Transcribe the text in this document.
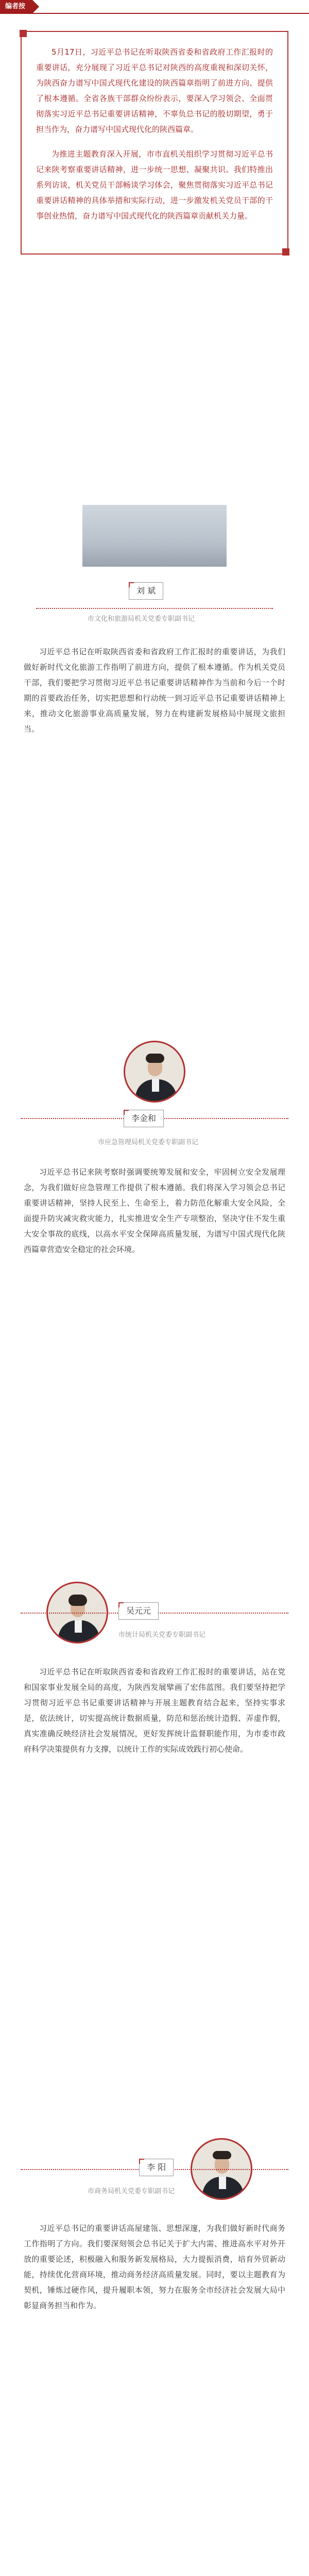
编者按

5月17日，习近平总书记在听取陕西省委和省政府工作汇报时的重要讲话，充分展现了习近平总书记对陕西的高度重视和深切关怀，为陕西奋力谱写中国式现代化建设的陕西篇章指明了前进方向、提供了根本遵循。全省各族干部群众纷纷表示，要深入学习领会、全面贯彻落实习近平总书记重要讲话精神，不辜负总书记的殷切期望，勇于担当作为，奋力谱写中国式现代化的陕西篇章。

为推进主题教育深入开展，市市直机关组织学习贯彻习近平总书记来陕考察重要讲话精神，进一步统一思想、凝聚共识。我们特推出系列访谈，机关党员干部畅谈学习体会，聚焦贯彻落实习近平总书记重要讲话精神的具体举措和实际行动，进一步激发机关党员干部的干事创业热情，奋力谱写中国式现代化的陕西篇章贡献机关力量。

刘 斌
市文化和旅游局机关党委专职副书记

习近平总书记在听取陕西省委和省政府工作汇报时的重要讲话，为我们做好新时代文化旅游工作指明了前进方向，提供了根本遵循。作为机关党员干部，我们要把学习贯彻习近平总书记重要讲话精神作为当前和今后一个时期的首要政治任务，切实把思想和行动统一到习近平总书记重要讲话精神上来，推动文化旅游事业高质量发展，努力在构建新发展格局中展现文旅担当。

李金和
市应急管理局机关党委专职副书记

习近平总书记来陕考察时强调要统筹发展和安全，牢固树立安全发展理念，为我们做好应急管理工作提供了根本遵循。我们将深入学习领会总书记重要讲话精神，坚持人民至上、生命至上，着力防范化解重大安全风险，全面提升防灾减灾救灾能力，扎实推进安全生产专项整治，坚决守住不发生重大安全事故的底线，以高水平安全保障高质量发展，为谱写中国式现代化陕西篇章营造安全稳定的社会环境。

吴元元
市统计局机关党委专职副书记

习近平总书记在听取陕西省委和省政府工作汇报时的重要讲话，站在党和国家事业发展全局的高度，为陕西发展擘画了宏伟蓝图。我们要坚持把学习贯彻习近平总书记重要讲话精神与开展主题教育结合起来，坚持实事求是，依法统计，切实提高统计数据质量，防范和惩治统计造假、弄虚作假，真实准确反映经济社会发展情况，更好发挥统计监督职能作用，为市委市政府科学决策提供有力支撑，以统计工作的实际成效践行初心使命。

李 阳
市商务局机关党委专职副书记

习近平总书记的重要讲话高屋建瓴、思想深邃，为我们做好新时代商务工作指明了方向。我们要深刻领会总书记关于扩大内需、推进高水平对外开放的重要论述，积极融入和服务新发展格局，大力提振消费，培育外贸新动能，持续优化营商环境，推动商务经济高质量发展。同时，要以主题教育为契机，锤炼过硬作风，提升履职本领，努力在服务全市经济社会发展大局中彰显商务担当和作为。
